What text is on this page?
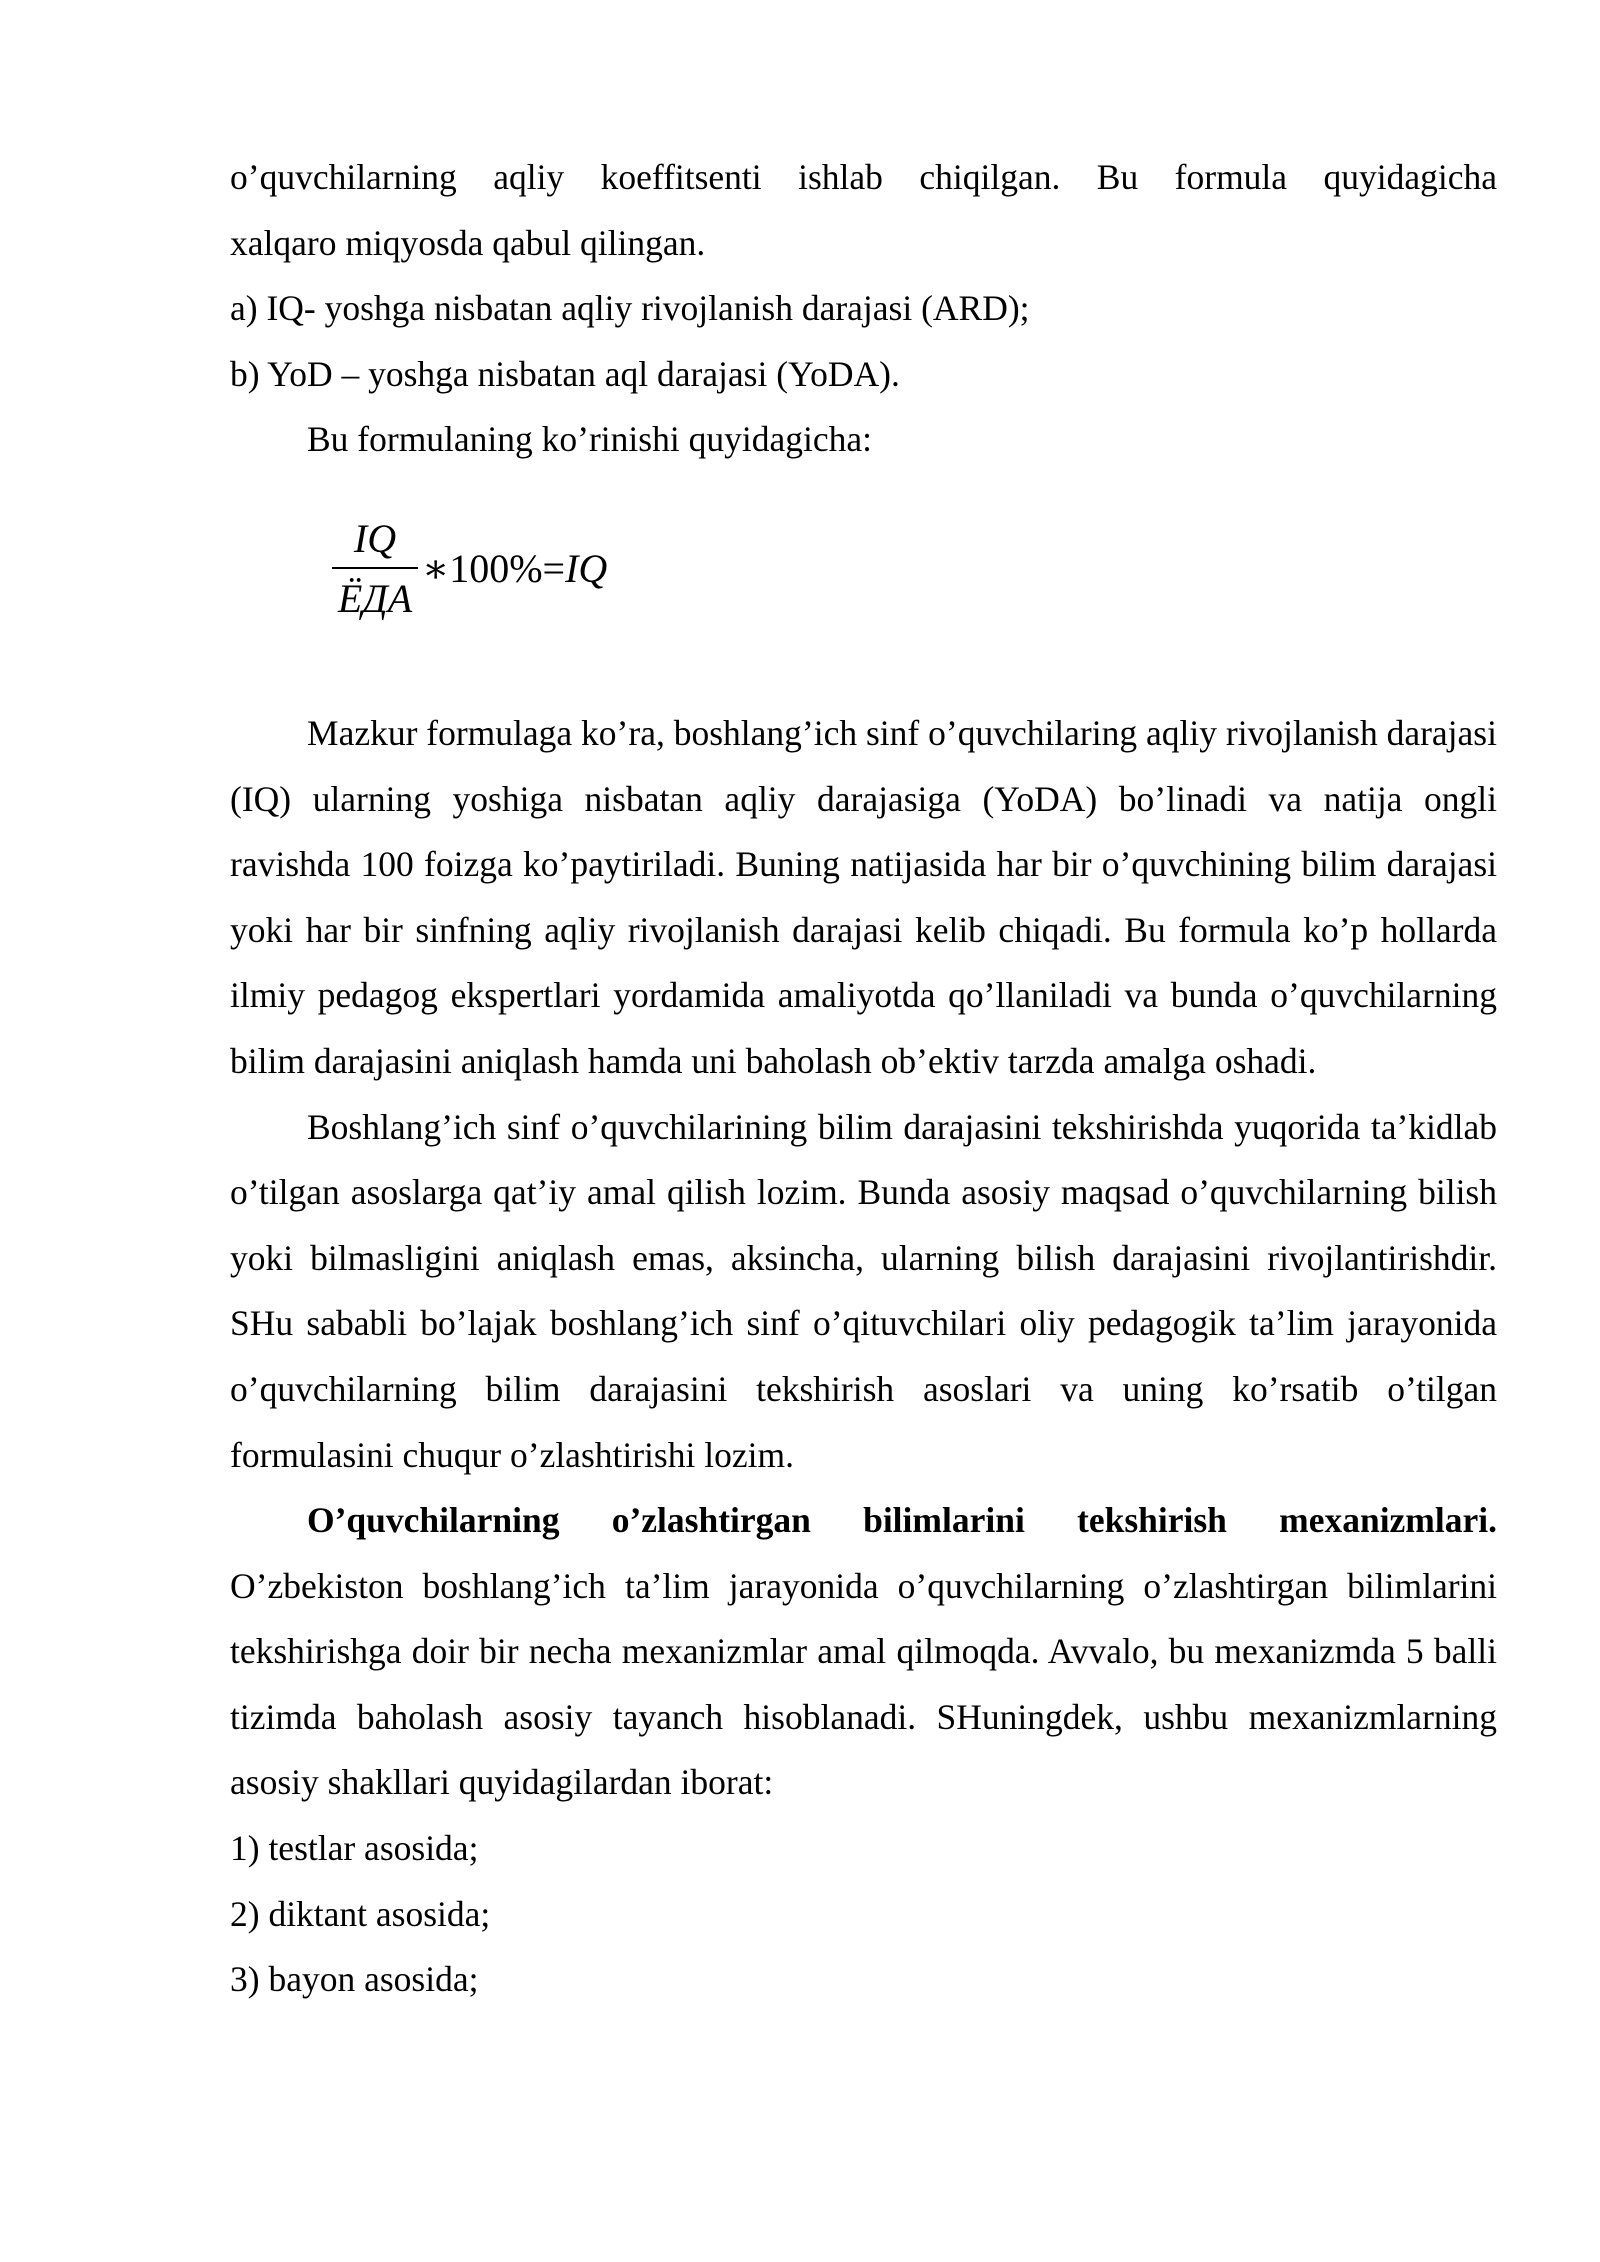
o’quvchilarning aqliy koeffitsenti ishlab chiqilgan. Bu formula quyidagicha

xalqaro miqyosda qabul qilingan.

a) IQ- yoshga nisbatan aqliy rivojlanish darajasi (ARD);

b) YoD – yoshga nisbatan aql darajasi (YoDA).

Bu formulaning ko’rinishi quyidagicha:

IQ
ЁДА
∗100%=IQ

Mazkur formulaga ko’ra, boshlang’ich sinf o’quvchilaring aqliy rivojlanish darajasi (IQ) ularning yoshiga nisbatan aqliy darajasiga (YoDA) bo’linadi va natija ongli ravishda 100 foizga ko’paytiriladi. Buning natijasida har bir o’quvchining bilim darajasi yoki har bir sinfning aqliy rivojlanish darajasi kelib chiqadi. Bu formula ko’p hollarda ilmiy pedagog ekspertlari yordamida amaliyotda qo’llaniladi va bunda o’quvchilarning bilim darajasini aniqlash hamda uni baholash ob’ektiv tarzda amalga oshadi.

Boshlang’ich sinf o’quvchilarining bilim darajasini tekshirishda yuqorida ta’kidlab o’tilgan asoslarga qat’iy amal qilish lozim. Bunda asosiy maqsad o’quvchilarning bilish yoki bilmasligini aniqlash emas, aksincha, ularning bilish darajasini rivojlantirishdir. SHu sababli bo’lajak boshlang’ich sinf o’qituvchilari oliy pedagogik ta’lim jarayonida o’quvchilarning bilim darajasini tekshirish asoslari va uning ko’rsatib o’tilgan formulasini chuqur o’zlashtirishi lozim.

O’quvchilarning o’zlashtirgan bilimlarini tekshirish mexanizmlari. O’zbekiston boshlang’ich ta’lim jarayonida o’quvchilarning o’zlashtirgan bilimlarini tekshirishga doir bir necha mexanizmlar amal qilmoqda. Avvalo, bu mexanizmda 5 balli tizimda baholash asosiy tayanch hisoblanadi. SHuningdek, ushbu mexanizmlarning asosiy shakllari quyidagilardan iborat:

1) testlar asosida;

2) diktant asosida;

3) bayon asosida;
